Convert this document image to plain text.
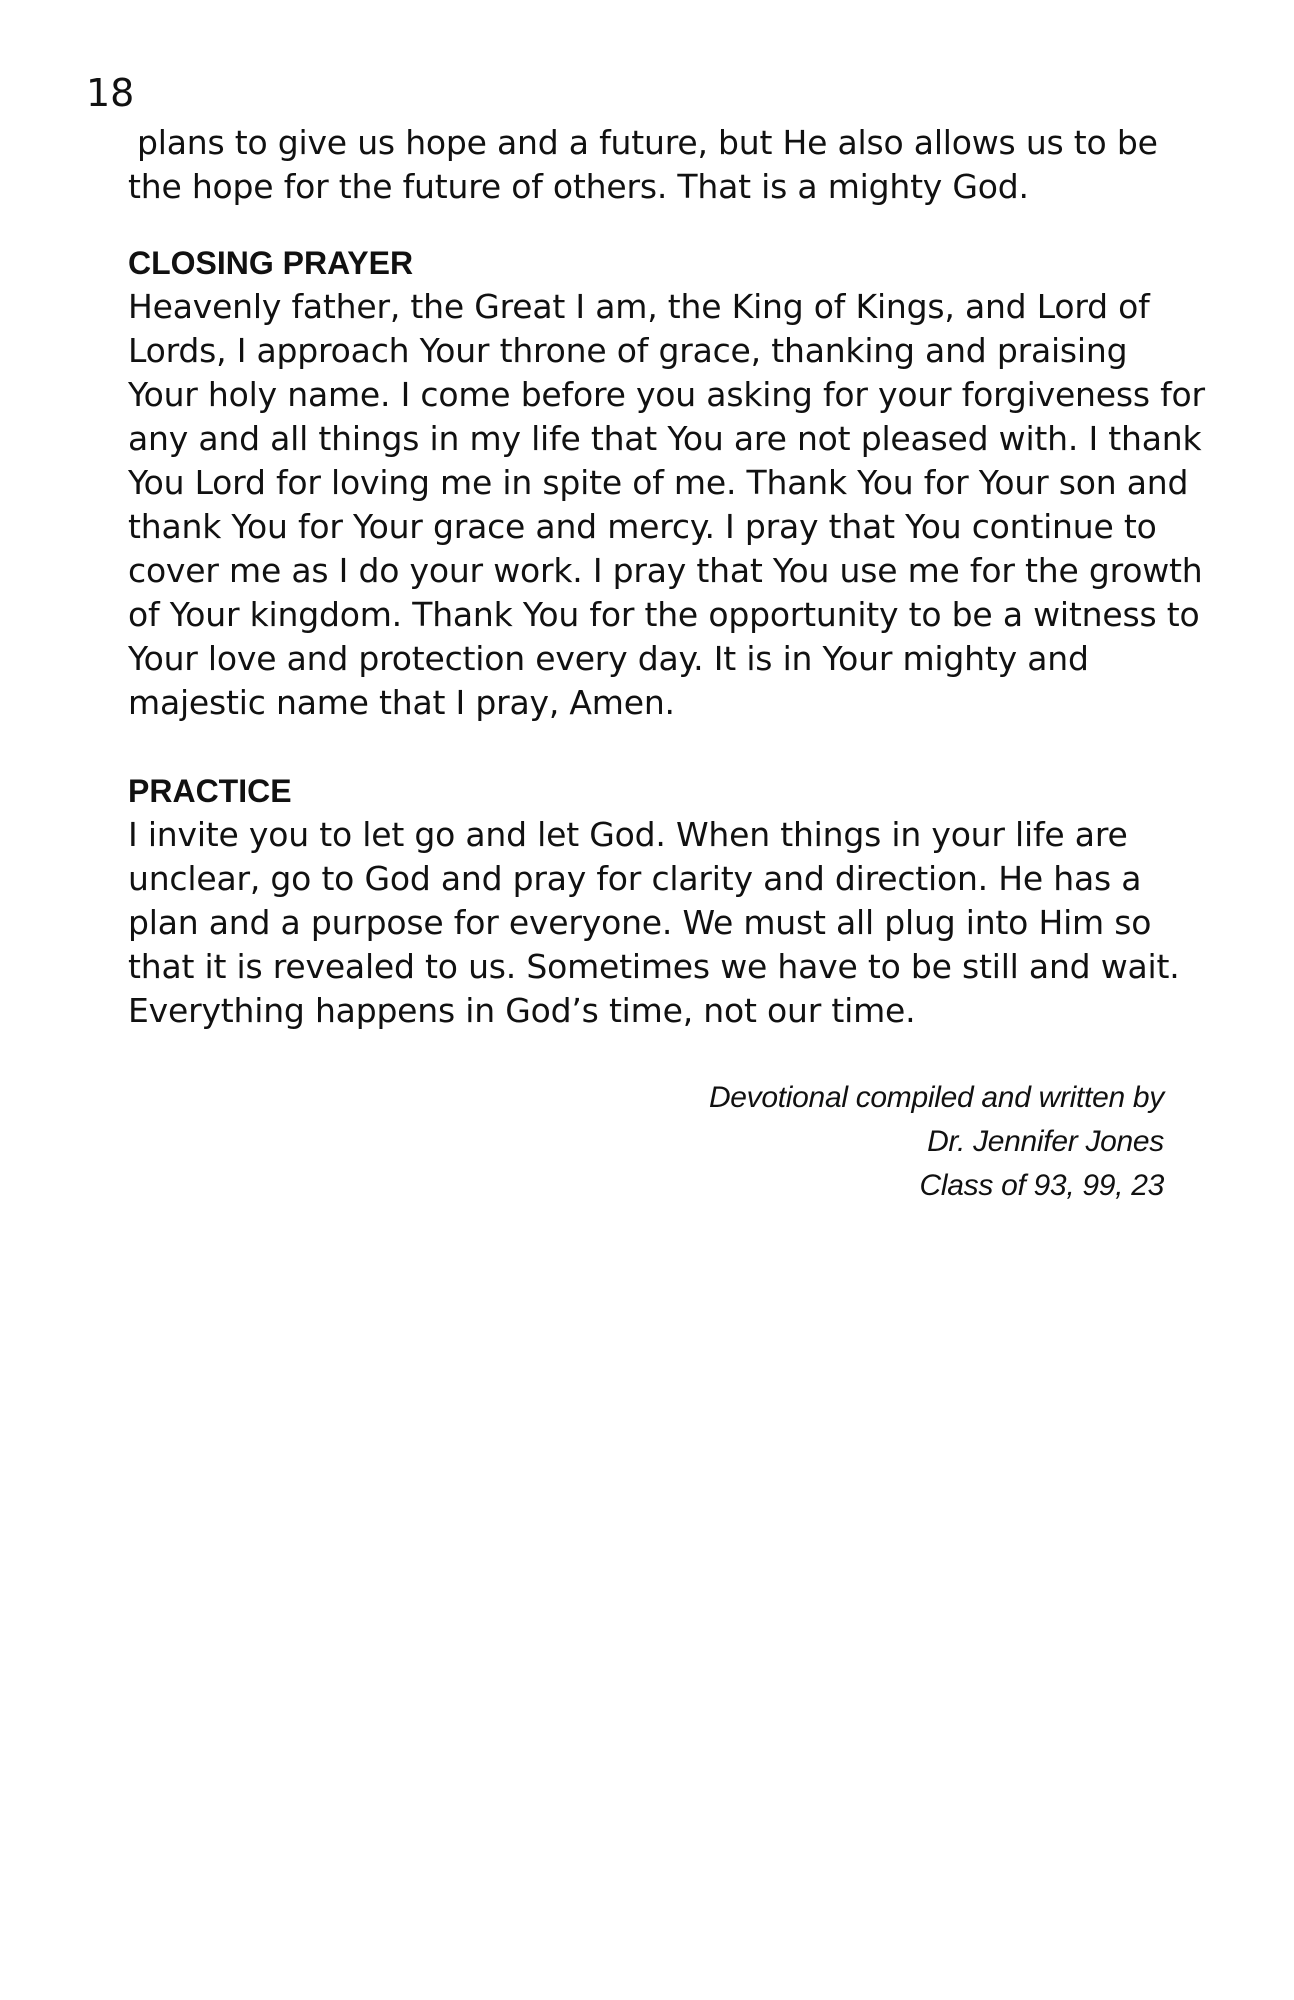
18
plans to give us hope and a future, but He also allows us to be
the hope for the future of others. That is a mighty God.
CLOSING PRAYER
Heavenly father, the Great I am, the King of Kings, and Lord of
Lords, I approach Your throne of grace, thanking and praising
Your holy name. I come before you asking for your forgiveness for
any and all things in my life that You are not pleased with. I thank
You Lord for loving me in spite of me. Thank You for Your son and
thank You for Your grace and mercy. I pray that You continue to
cover me as I do your work. I pray that You use me for the growth
of Your kingdom. Thank You for the opportunity to be a witness to
Your love and protection every day. It is in Your mighty and
majestic name that I pray, Amen.
PRACTICE
I invite you to let go and let God. When things in your life are
unclear, go to God and pray for clarity and direction. He has a
plan and a purpose for everyone. We must all plug into Him so
that it is revealed to us. Sometimes we have to be still and wait.
Everything happens in God’s time, not our time.
Devotional compiled and written by
Dr. Jennifer Jones
Class of 93, 99, 23
